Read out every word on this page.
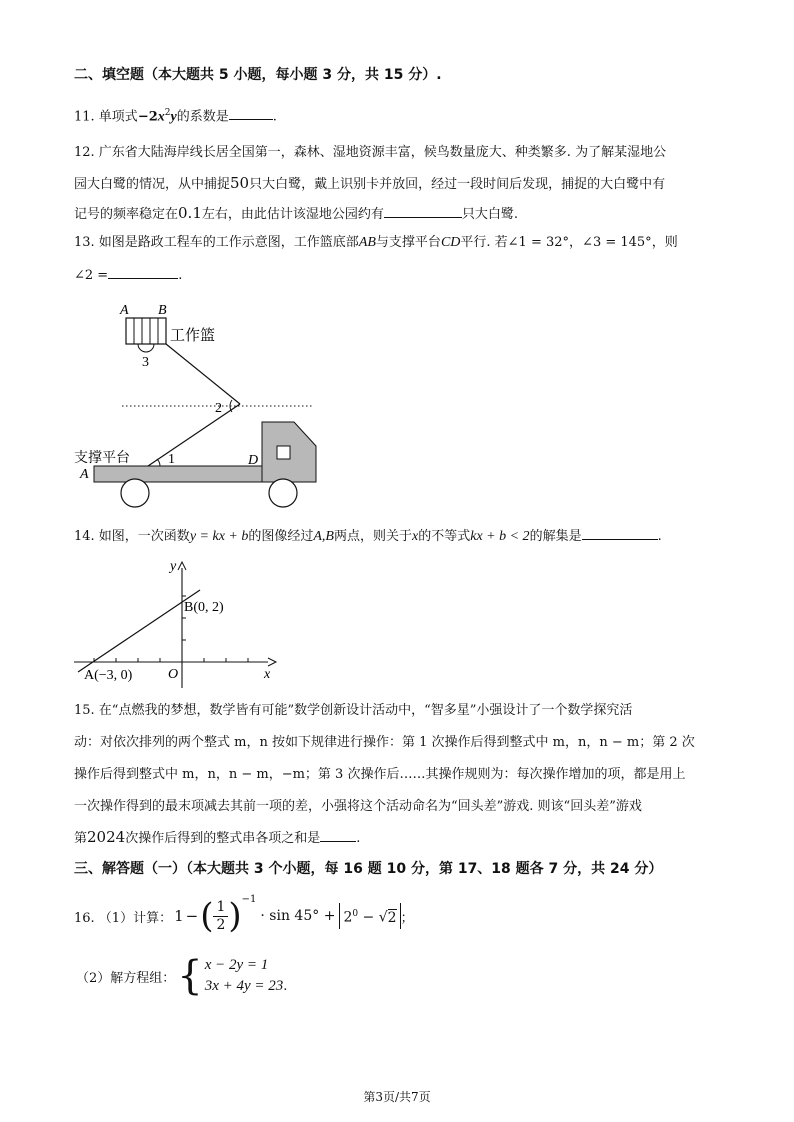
二、填空题（本大题共 5 小题，每小题 3 分，共 15 分）.
11. 单项式$-2x^2y$的系数是	.
12. 广东省大陆海岸线长居全国第一，森林、湿地资源丰富，候鸟数量庞大、种类繁多. 为了解某湿地公
园大白鹭的情况，从中捕捉50只大白鹭，戴上识别卡并放回，经过一段时间后发现，捕捉的大白鹭中有
记号的频率稳定在0.1左右，由此估计该湿地公园约有	只大白鹭.
13. 如图是路政工程车的工作示意图，工作篮底部AB与支撑平台CD平行. 若∠1 = 32°，∠3 = 145°，则
∠2 =	.
A B
工作篮
3
2
支撑平台	1
A
D
14. 如图，一次函数y = kx + b的图像经过A,B两点，则关于x的不等式kx + b < 2的解集是	.
y
x
O
B(0, 2)
A(−3, 0)
15. 在“点燃我的梦想，数学皆有可能”数学创新设计活动中，“智多星”小强设计了一个数学探究活
动：对依次排列的两个整式 m，n 按如下规律进行操作：第 1 次操作后得到整式中 m，n，n − m；第 2 次
操作后得到整式中 m，n，n − m，−m；第 3 次操作后……其操作规则为：每次操作增加的项，都是用上
一次操作得到的最末项减去其前一项的差，小强将这个活动命名为“回头差”游戏. 则该“回头差”游戏
第2024次操作后得到的整式串各项之和是	.
三、解答题（一）（本大题共 3 个小题，每 16 题 10 分，第 17、18 题各 7 分，共 24 分）
16. （1）计算： 1 − ( $\frac{1}{2}$ ) −1
· $\sin 45^\circ + 2^0 - √2$ ；
（2）解方程组： { x − 2y = 1
3x + 4y = 23 .
第3页/共7页
